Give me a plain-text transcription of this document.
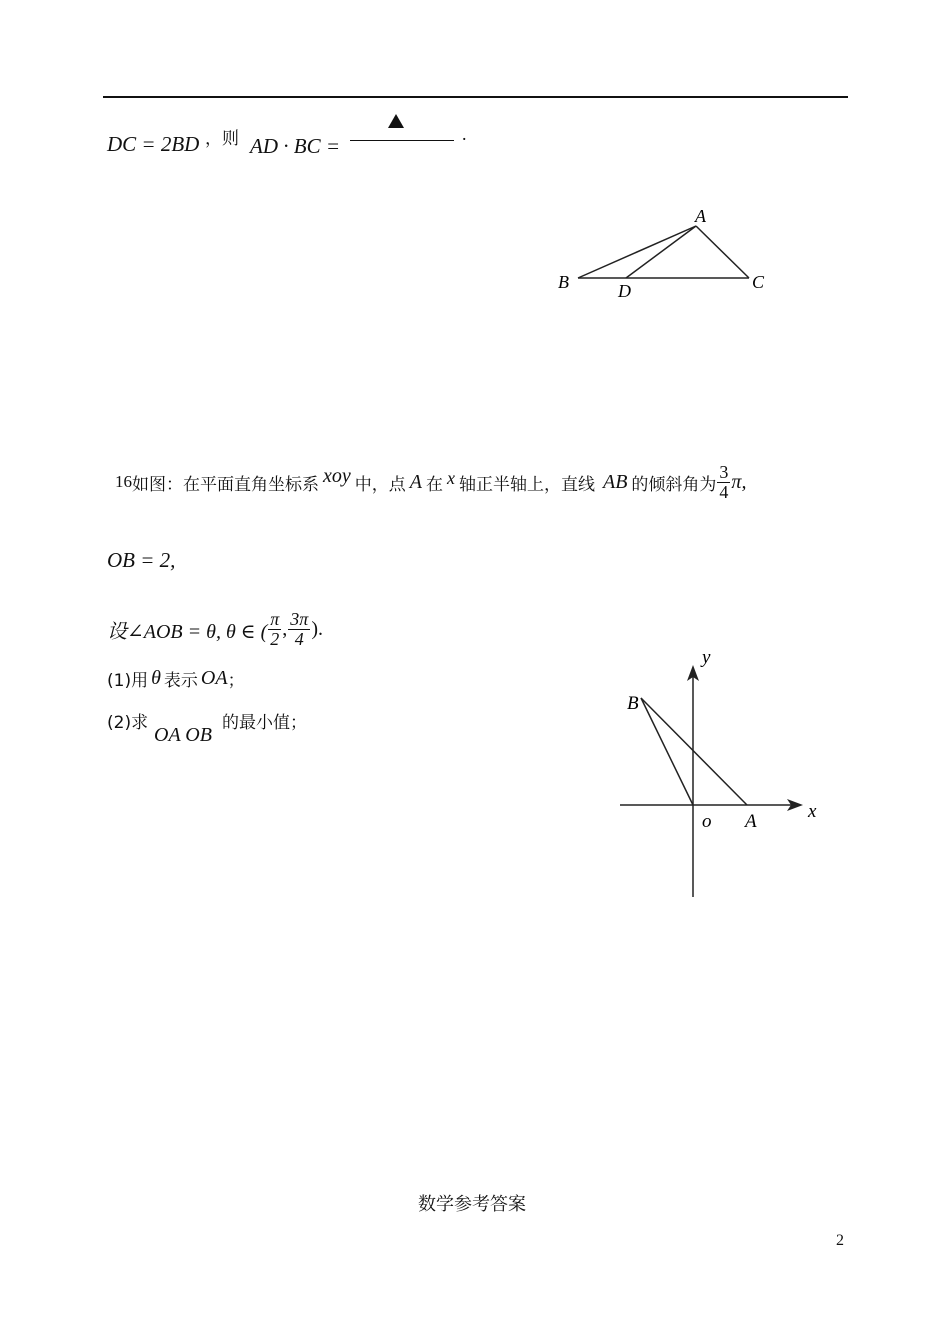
DC = 2BD ，则 AD · BC =	.
A
B	C
D
16 如图：在平面直角坐标系 xoy 中，点 A 在 x 轴正半轴上，直线 AB 的倾斜角为 $\frac{3}{4} \pi$,
OB = 2,
设∠AOB = θ, θ ∈ ( $\frac{\pi}{2}$ , $\frac{3\pi}{4}$ ).
(1)用 θ 表示 OA ；
(2)求
OA OB
的最小值；
y
x
o A
B
数学参考答案
2
